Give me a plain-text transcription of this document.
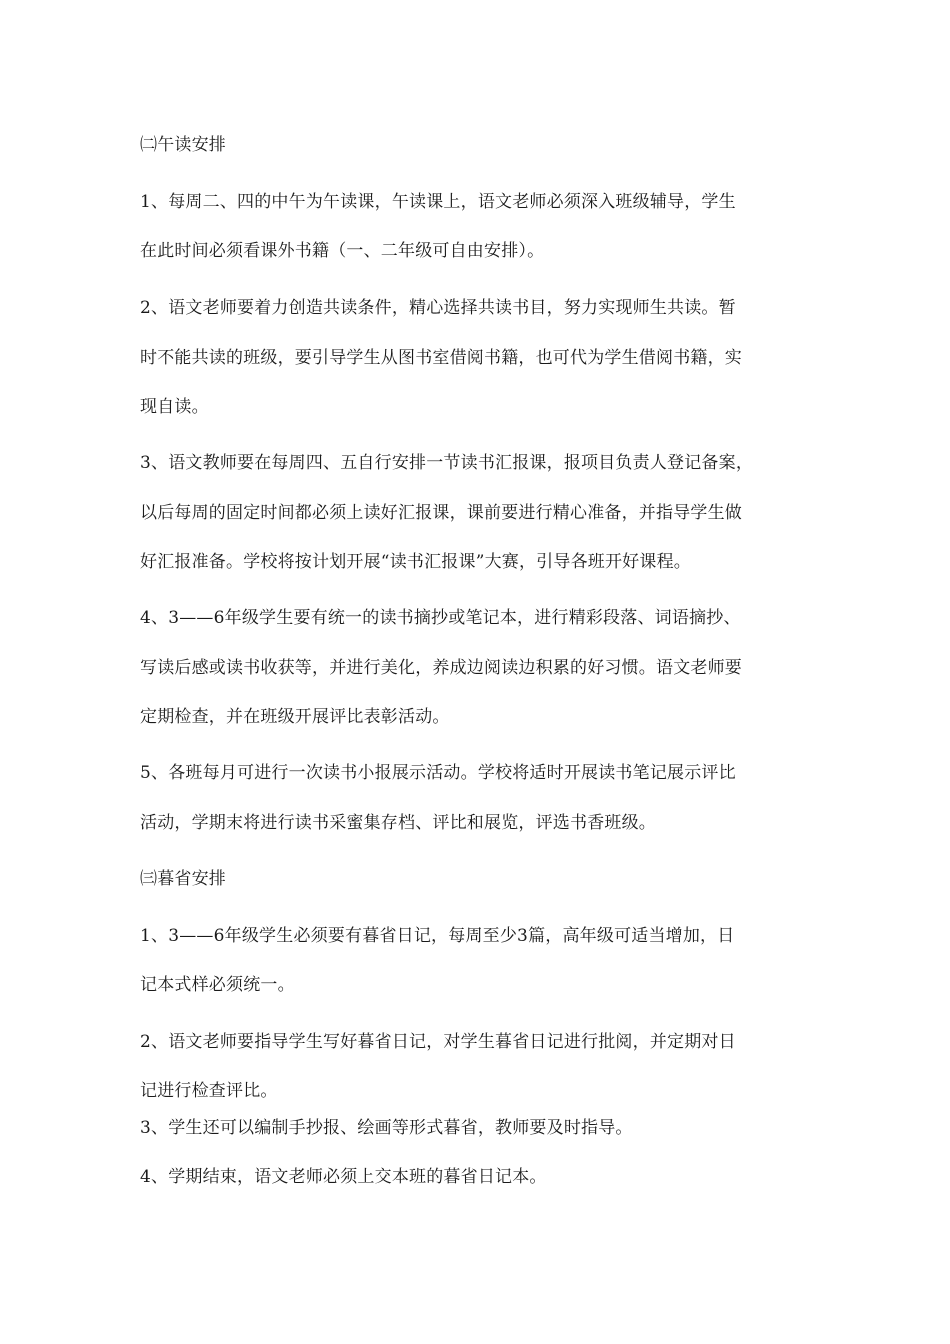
㈡午读安排
1、每周二、四的中午为午读课，午读课上，语文老师必须深入班级辅导，学生
在此时间必须看课外书籍（一、二年级可自由安排）。
2、语文老师要着力创造共读条件，精心选择共读书目，努力实现师生共读。暂
时不能共读的班级，要引导学生从图书室借阅书籍，也可代为学生借阅书籍，实
现自读。
3、语文教师要在每周四、五自行安排一节读书汇报课，报项目负责人登记备案，
以后每周的固定时间都必须上读好汇报课，课前要进行精心准备，并指导学生做
好汇报准备。学校将按计划开展“读书汇报课”大赛，引导各班开好课程。
4、3——6年级学生要有统一的读书摘抄或笔记本，进行精彩段落、词语摘抄、
写读后感或读书收获等，并进行美化，养成边阅读边积累的好习惯。语文老师要
定期检查，并在班级开展评比表彰活动。
5、各班每月可进行一次读书小报展示活动。学校将适时开展读书笔记展示评比
活动，学期末将进行读书采蜜集存档、评比和展览，评选书香班级。
㈢暮省安排
1、3——6年级学生必须要有暮省日记，每周至少3篇，高年级可适当增加，日
记本式样必须统一。
2、语文老师要指导学生写好暮省日记，对学生暮省日记进行批阅，并定期对日
记进行检查评比。
3、学生还可以编制手抄报、绘画等形式暮省，教师要及时指导。
4、学期结束，语文老师必须上交本班的暮省日记本。
